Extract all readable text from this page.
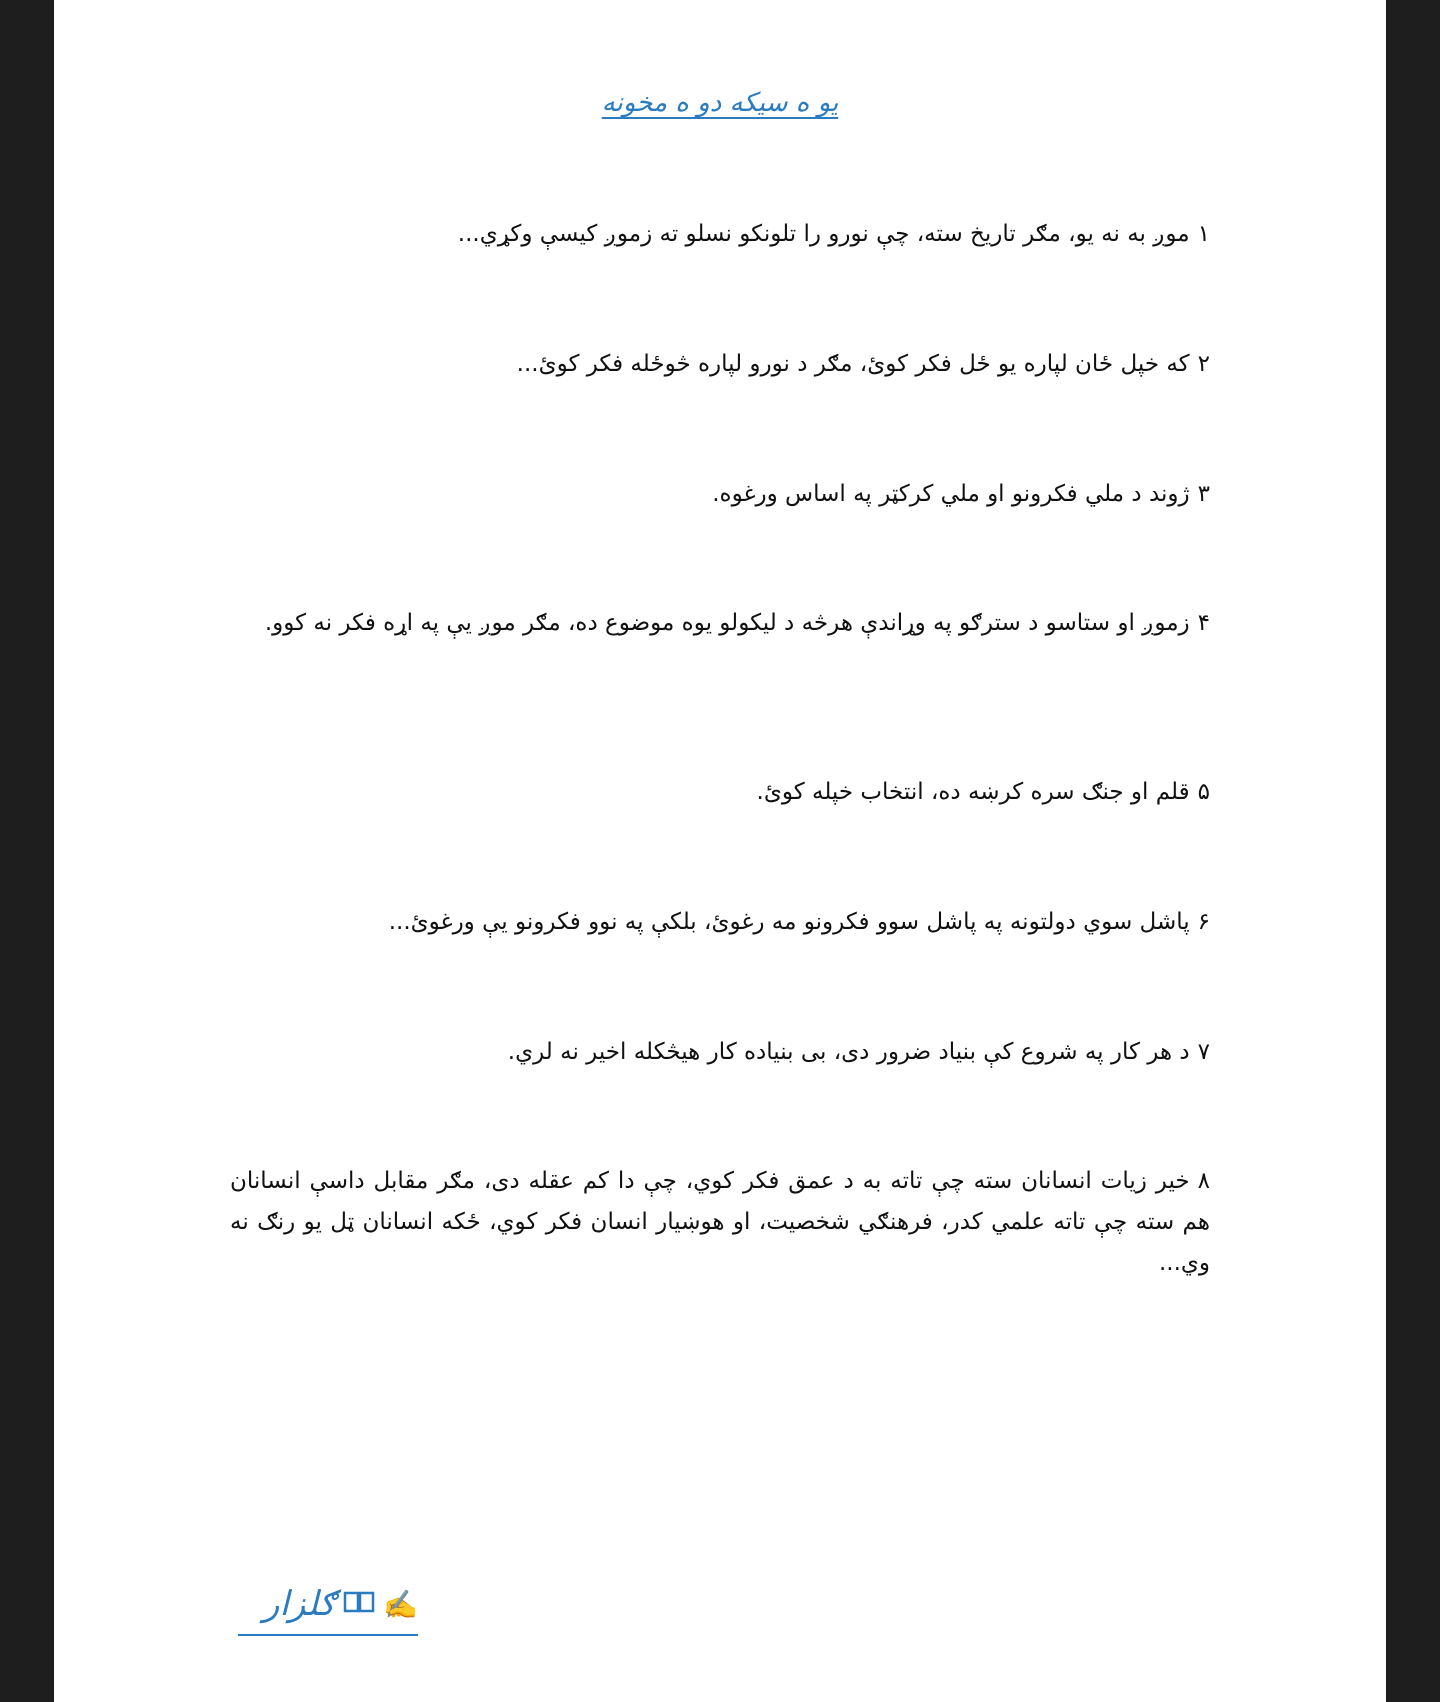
يو ه سيكه دو ه مخونه
١موږ به نه يو، مګر تاريخ سته، چې نورو را تلونکو نسلو ته زموږ کيسې وکړي...
٢که خپل ځان لپاره يو ځل فکر کوئ، مګر د نورو لپاره څوځله فکر کوئ...
٣ژوند د ملي فکرونو او ملي کرکټر په اساس ورغوه.
۴زموږ او ستاسو د سترګو په وړاندې هرڅه د ليکولو يوه موضوع ده، مګر موږ يې په اړه فکر نه کوو.
۵قلم او جنګ سره کرښه ده، انتخاب خپله کوئ.
۶پاشل سوي دولتونه په پاشل سوو فکرونو مه رغوئ، بلکې په نوو فکرونو يې ورغوئ...
٧د هر کار په شروع کې بنياد ضرور دی، بی بنياده کار هيڅکله اخير نه لري.
٨خير زيات انسانان سته چې تاته به د عمق فکر کوي، چې دا کم عقله دی، مګر مقابل داسې انسانان هم سته چې تاته علمي کدر، فرهنګي شخصيت، او هوښيار انسان فکر کوي، ځکه انسانان ټل يو رنګ نه وي...
✍
ګلزار
